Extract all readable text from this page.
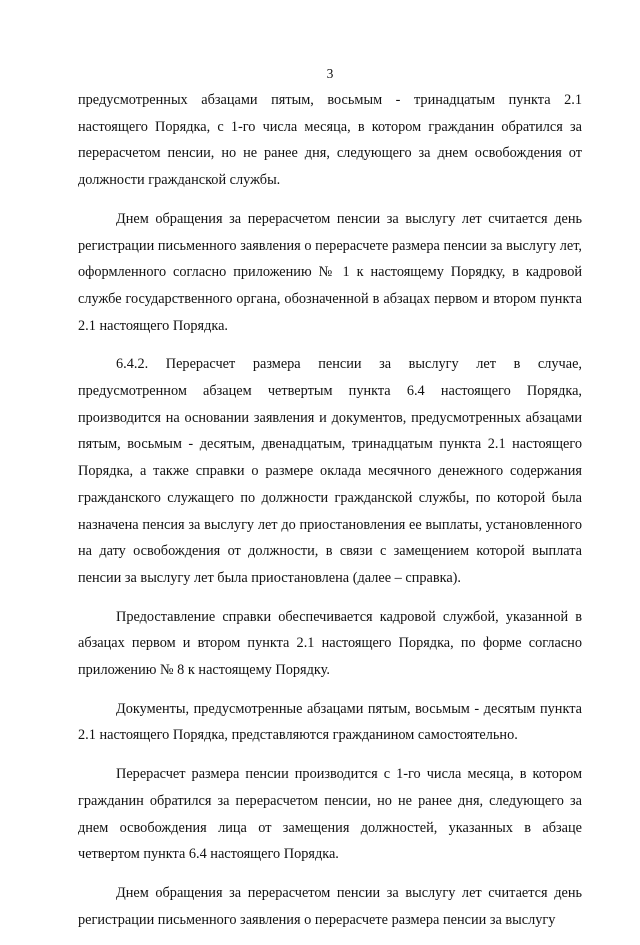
3

предусмотренных абзацами пятым, восьмым - тринадцатым пункта 2.1 настоящего Порядка, с 1-го числа месяца, в котором гражданин обратился за перерасчетом пенсии, но не ранее дня, следующего за днем освобождения от должности гражданской службы.

Днем обращения за перерасчетом пенсии за выслугу лет считается день регистрации письменного заявления о перерасчете размера пенсии за выслугу лет, оформленного согласно приложению № 1 к настоящему Порядку, в кадровой службе государственного органа, обозначенной в абзацах первом и втором пункта 2.1 настоящего Порядка.

6.4.2. Перерасчет размера пенсии за выслугу лет в случае, предусмотренном абзацем четвертым пункта 6.4 настоящего Порядка, производится на основании заявления и документов, предусмотренных абзацами пятым, восьмым - десятым, двенадцатым, тринадцатым пункта 2.1 настоящего Порядка, а также справки о размере оклада месячного денежного содержания гражданского служащего по должности гражданской службы, по которой была назначена пенсия за выслугу лет до приостановления ее выплаты, установленного на дату освобождения от должности, в связи с замещением которой выплата пенсии за выслугу лет была приостановлена (далее – справка).

Предоставление справки обеспечивается кадровой службой, указанной в абзацах первом и втором пункта 2.1 настоящего Порядка, по форме согласно приложению № 8 к настоящему Порядку.

Документы, предусмотренные абзацами пятым, восьмым - десятым пункта 2.1 настоящего Порядка, представляются гражданином самостоятельно.

Перерасчет размера пенсии производится с 1-го числа месяца, в котором гражданин обратился за перерасчетом пенсии, но не ранее дня, следующего за днем освобождения лица от замещения должностей, указанных в абзаце четвертом пункта 6.4 настоящего Порядка.

Днем обращения за перерасчетом пенсии за выслугу лет считается день регистрации письменного заявления о перерасчете размера пенсии за выслугу
